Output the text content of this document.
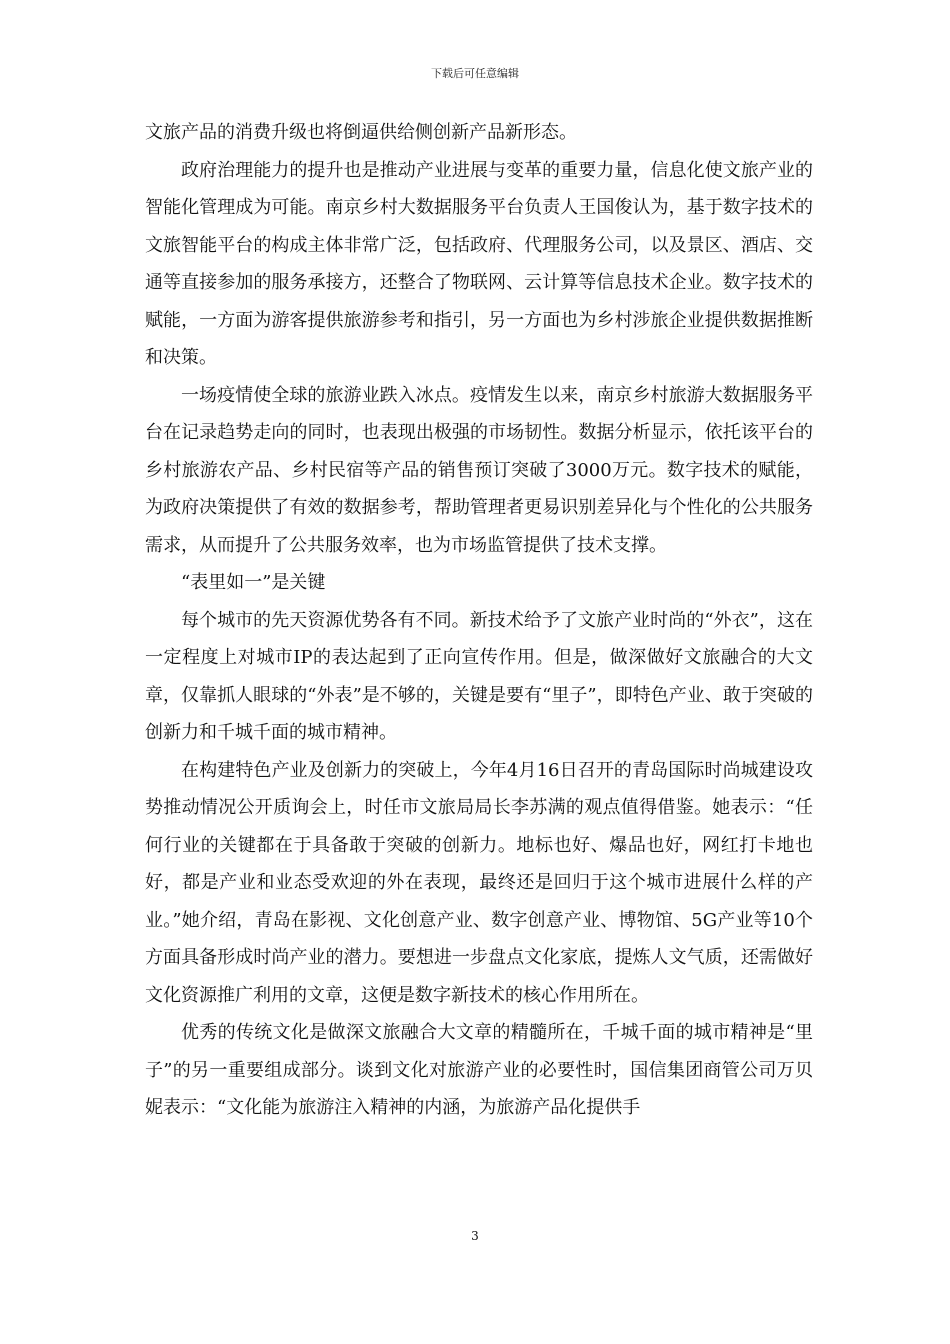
下载后可任意编辑

文旅产品的消费升级也将倒逼供给侧创新产品新形态。

政府治理能力的提升也是推动产业进展与变革的重要力量，信息化使文旅产业的智能化管理成为可能。南京乡村大数据服务平台负责人王国俊认为，基于数字技术的文旅智能平台的构成主体非常广泛，包括政府、代理服务公司，以及景区、酒店、交通等直接参加的服务承接方，还整合了物联网、云计算等信息技术企业。数字技术的赋能，一方面为游客提供旅游参考和指引，另一方面也为乡村涉旅企业提供数据推断和决策。

一场疫情使全球的旅游业跌入冰点。疫情发生以来，南京乡村旅游大数据服务平台在记录趋势走向的同时，也表现出极强的市场韧性。数据分析显示，依托该平台的乡村旅游农产品、乡村民宿等产品的销售预订突破了3000万元。数字技术的赋能，为政府决策提供了有效的数据参考，帮助管理者更易识别差异化与个性化的公共服务需求，从而提升了公共服务效率，也为市场监管提供了技术支撑。

“表里如一”是关键

每个城市的先天资源优势各有不同。新技术给予了文旅产业时尚的“外衣”，这在一定程度上对城市IP的表达起到了正向宣传作用。但是，做深做好文旅融合的大文章，仅靠抓人眼球的“外表”是不够的，关键是要有“里子”，即特色产业、敢于突破的创新力和千城千面的城市精神。

在构建特色产业及创新力的突破上，今年4月16日召开的青岛国际时尚城建设攻势推动情况公开质询会上，时任市文旅局局长李苏满的观点值得借鉴。她表示：“任何行业的关键都在于具备敢于突破的创新力。地标也好、爆品也好，网红打卡地也好，都是产业和业态受欢迎的外在表现，最终还是回归于这个城市进展什么样的产业。”她介绍，青岛在影视、文化创意产业、数字创意产业、博物馆、5G产业等10个方面具备形成时尚产业的潜力。要想进一步盘点文化家底，提炼人文气质，还需做好文化资源推广利用的文章，这便是数字新技术的核心作用所在。

优秀的传统文化是做深文旅融合大文章的精髓所在，千城千面的城市精神是“里子”的另一重要组成部分。谈到文化对旅游产业的必要性时，国信集团商管公司万贝妮表示：“文化能为旅游注入精神的内涵，为旅游产品化提供手

3
